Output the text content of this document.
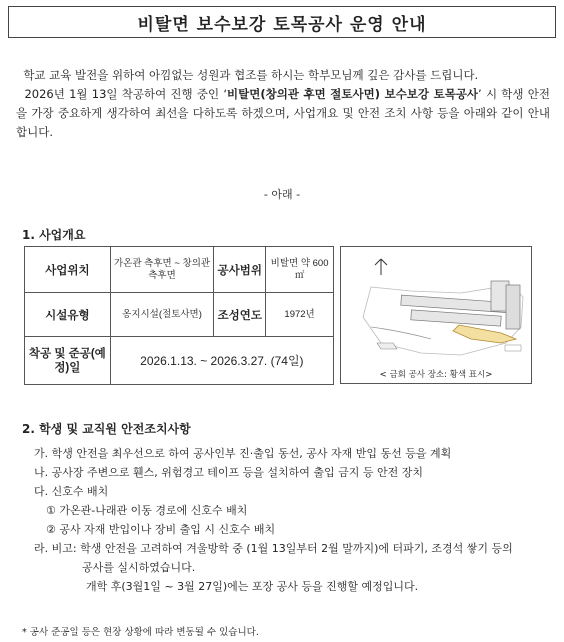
비탈면 보수보강 토목공사 운영 안내

학교 교육 발전을 위하여 아낌없는 성원과 협조를 하시는 학부모님께 깊은 감사를 드립니다.

2026년 1월 13일 착공하여 진행 중인 ‘비탈면(창의관 후면 절토사면) 보수보강 토목공사’ 시 학생 안전을 가장 중요하게 생각하여 최선을 다하도록 하겠으며, 사업개요 및 안전 조치 사항 등을 아래와 같이 안내합니다.

- 아래 -
1. 사업개요
사업위치	가온관 측후면 ~ 창의관 측후면	공사범위	비탈면 약 600㎡
시설유형	옹지시설(절토사면)	조성연도	1972년
착공 및 준공(예정)일	2026.1.13. ~ 2026.3.27. (74일)		
< 금회 공사 장소: 황색 표시>
2. 학생 및 교직원 안전조치사항
가. 학생 안전을 최우선으로 하여 공사인부 진·출입 동선, 공사 자재 반입 동선 등을 계획
나. 공사장 주변으로 휀스, 위험경고 테이프 등을 설치하여 출입 금지 등 안전 장치
다. 신호수 배치
① 가온관-나래관 이동 경로에 신호수 배치
② 공사 자재 반입이나 장비 출입 시 신호수 배치
라. 비고: 학생 안전을 고려하여 겨울방학 중 (1월 13일부터 2월 말까지)에 터파기, 조경석 쌓기 등의
공사를 실시하였습니다.
개학 후(3월1일 ~ 3월 27일)에는 포장 공사 등을 진행할 예정입니다.
* 공사 준공일 등은 현장 상황에 따라 변동될 수 있습니다.
